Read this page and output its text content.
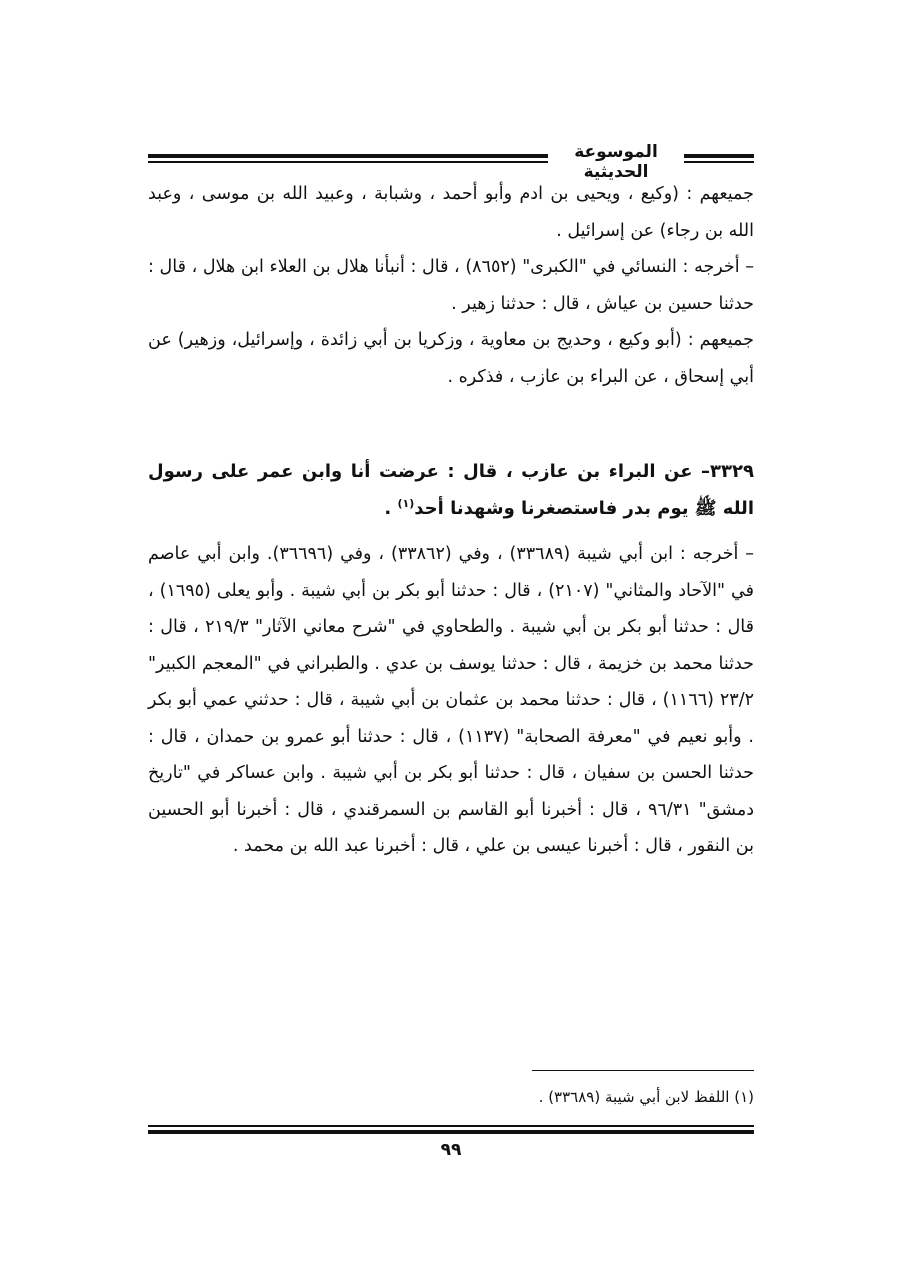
الموسوعة الحديثية

جميعهم : (وكيع ، ويحيى بن ادم وأبو أحمد ، وشبابة ، وعبيد الله بن موسى ، وعبد الله بن رجاء) عن إسرائيل .

– أخرجه : النسائي في "الكبرى" (٨٦٥٢) ، قال : أنبأنا هلال بن العلاء ابن هلال ، قال : حدثنا حسين بن عياش ، قال : حدثنا زهير .

جميعهم : (أبو وكيع ، وحديج بن معاوية ، وزكريا بن أبي زائدة ، وإسرائيل، وزهير) عن أبي إسحاق ، عن البراء بن عازب ، فذكره .

٣٣٢٩– عن البراء بن عازب ، قال : عرضت أنا وابن عمر على رسول الله ﷺ يوم بدر فاستصغرنا وشهدنا أحد$^{(١)}$ .

– أخرجه : ابن أبي شيبة (٣٣٦٨٩) ، وفي (٣٣٨٦٢) ، وفي (٣٦٦٩٦). وابن أبي عاصم في "الآحاد والمثاني" (٢١٠٧) ، قال : حدثنا أبو بكر بن أبي شيبة . وأبو يعلى (١٦٩٥) ، قال : حدثنا أبو بكر بن أبي شيبة . والطحاوي في "شرح معاني الآثار" ٢١٩/٣ ، قال : حدثنا محمد بن خزيمة ، قال : حدثنا يوسف بن عدي . والطبراني في "المعجم الكبير" ٢٣/٢ (١١٦٦) ، قال : حدثنا محمد بن عثمان بن أبي شيبة ، قال : حدثني عمي أبو بكر . وأبو نعيم في "معرفة الصحابة" (١١٣٧) ، قال : حدثنا أبو عمرو بن حمدان ، قال : حدثنا الحسن بن سفيان ، قال : حدثنا أبو بكر بن أبي شيبة . وابن عساكر في "تاريخ دمشق" ٩٦/٣١ ، قال : أخبرنا أبو القاسم بن السمرقندي ، قال : أخبرنا أبو الحسين بن النقور ، قال : أخبرنا عيسى بن علي ، قال : أخبرنا عبد الله بن محمد .

(١) اللفظ لابن أبي شيبة (٣٣٦٨٩) .
٩٩
